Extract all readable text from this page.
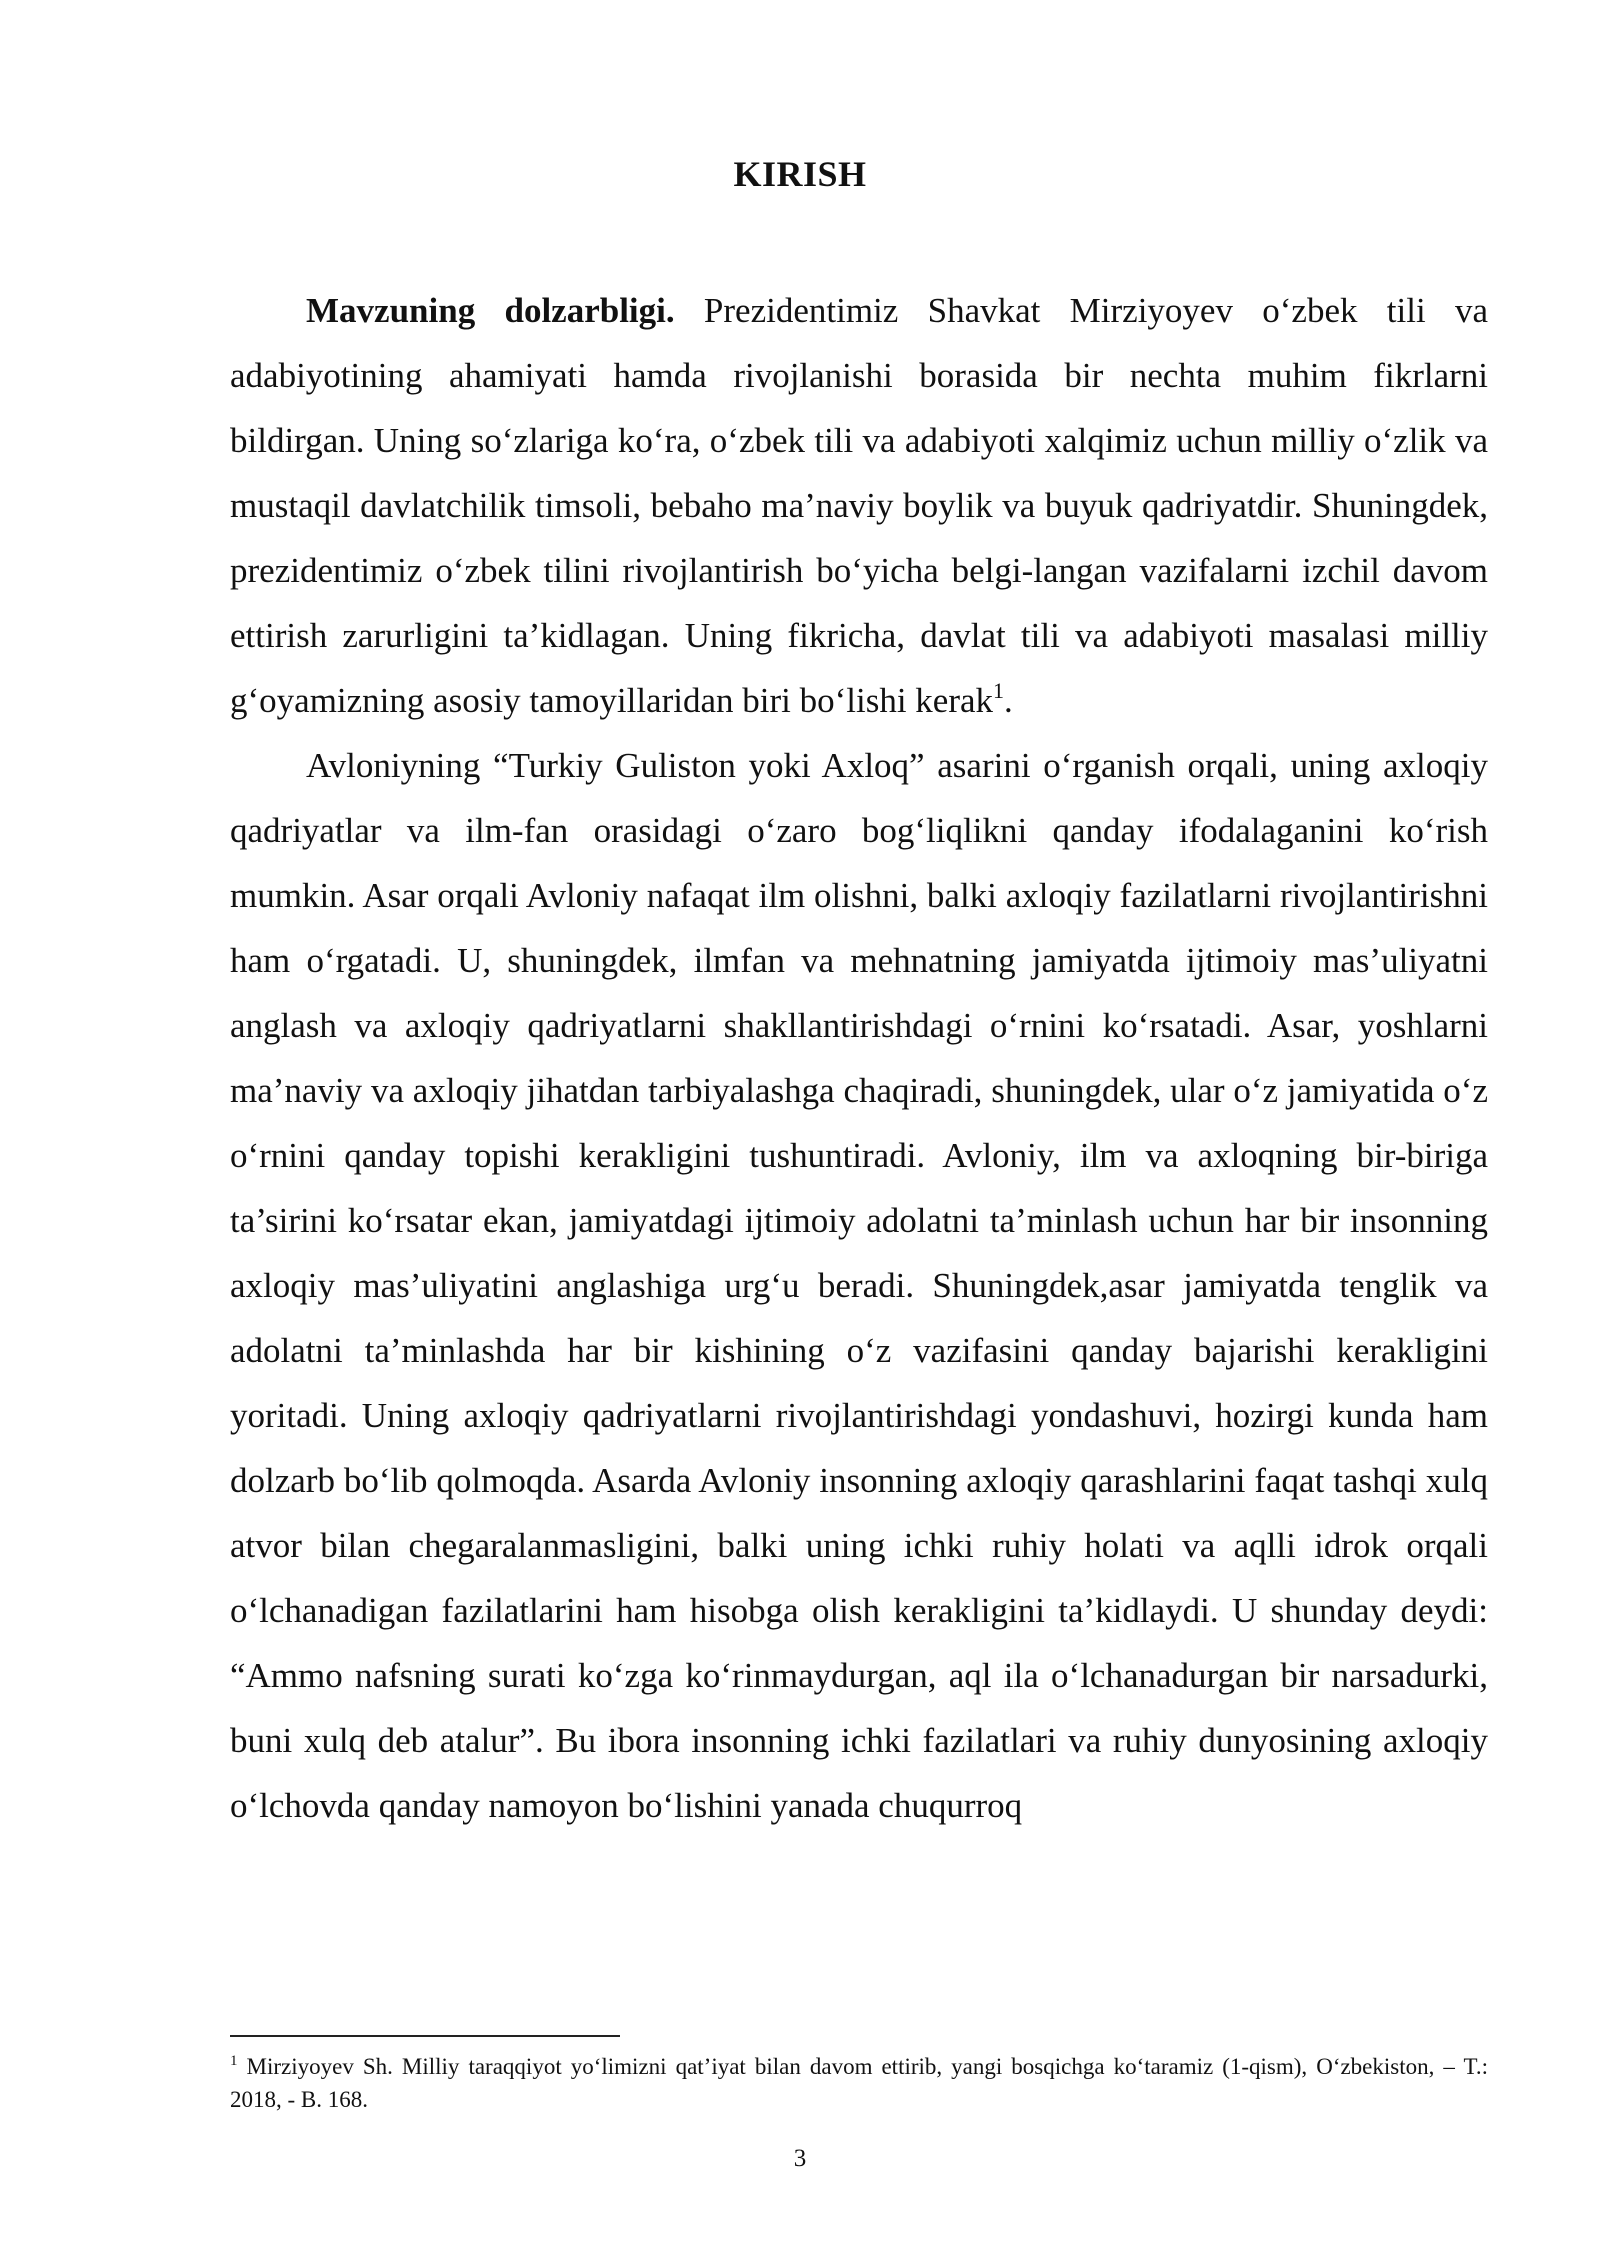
KIRISH

Mavzuning dolzarbligi. Prezidentimiz Shavkat Mirziyoyev o‘zbek tili va adabiyotining ahamiyati hamda rivojlanishi borasida bir nechta muhim fikrlarni bildirgan. Uning so‘zlariga ko‘ra, o‘zbek tili va adabiyoti xalqimiz uchun milliy o‘zlik va mustaqil davlatchilik timsoli, bebaho ma’naviy boylik va buyuk qadriyatdir. Shuningdek, prezidentimiz o‘zbek tilini rivojlantirish bo‘yicha belgi-langan vazifalarni izchil davom ettirish zarurligini ta’kidlagan. Uning fikricha, davlat tili va adabiyoti masalasi milliy g‘oyamizning asosiy tamoyillaridan biri bo‘lishi kerak$^1$.

Avloniyning “Turkiy Guliston yoki Axloq” asarini o‘rganish orqali, uning axloqiy qadriyatlar va ilm-fan orasidagi o‘zaro bog‘liqlikni qanday ifodalaganini ko‘rish mumkin. Asar orqali Avloniy nafaqat ilm olishni, balki axloqiy fazilatlarni rivojlantirishni ham o‘rgatadi. U, shuningdek, ilmfan va mehnatning jamiyatda ijtimoiy mas’uliyatni anglash va axloqiy qadriyatlarni shakllantirishdagi o‘rnini ko‘rsatadi. Asar, yoshlarni ma’naviy va axloqiy jihatdan tarbiyalashga chaqiradi, shuningdek, ular o‘z jamiyatida o‘z o‘rnini qanday topishi kerakligini tushuntiradi. Avloniy, ilm va axloqning bir-biriga ta’sirini ko‘rsatar ekan, jamiyatdagi ijtimoiy adolatni ta’minlash uchun har bir insonning axloqiy mas’uliyatini anglashiga urg‘u beradi. Shuningdek,asar jamiyatda tenglik va adolatni ta’minlashda har bir kishining o‘z vazifasini qanday bajarishi kerakligini yoritadi. Uning axloqiy qadriyatlarni rivojlantirishdagi yondashuvi, hozirgi kunda ham dolzarb bo‘lib qolmoqda. Asarda Avloniy insonning axloqiy qarashlarini faqat tashqi xulq atvor bilan chegaralanmasligini, balki uning ichki ruhiy holati va aqlli idrok orqali o‘lchanadigan fazilatlarini ham hisobga olish kerakligini ta’kidlaydi. U shunday deydi: “Ammo nafsning surati ko‘zga ko‘rinmaydurgan, aql ila o‘lchanadurgan bir narsadurki, buni xulq deb atalur”. Bu ibora insonning ichki fazilatlari va ruhiy dunyosining axloqiy o‘lchovda qanday namoyon bo‘lishini yanada chuqurroq

$^1$ Mirziyoyev Sh. Milliy taraqqiyot yo‘limizni qat’iyat bilan davom ettirib, yangi bosqichga ko‘taramiz (1-qism), O‘zbekiston, – T.: 2018, - B. 168.
3
